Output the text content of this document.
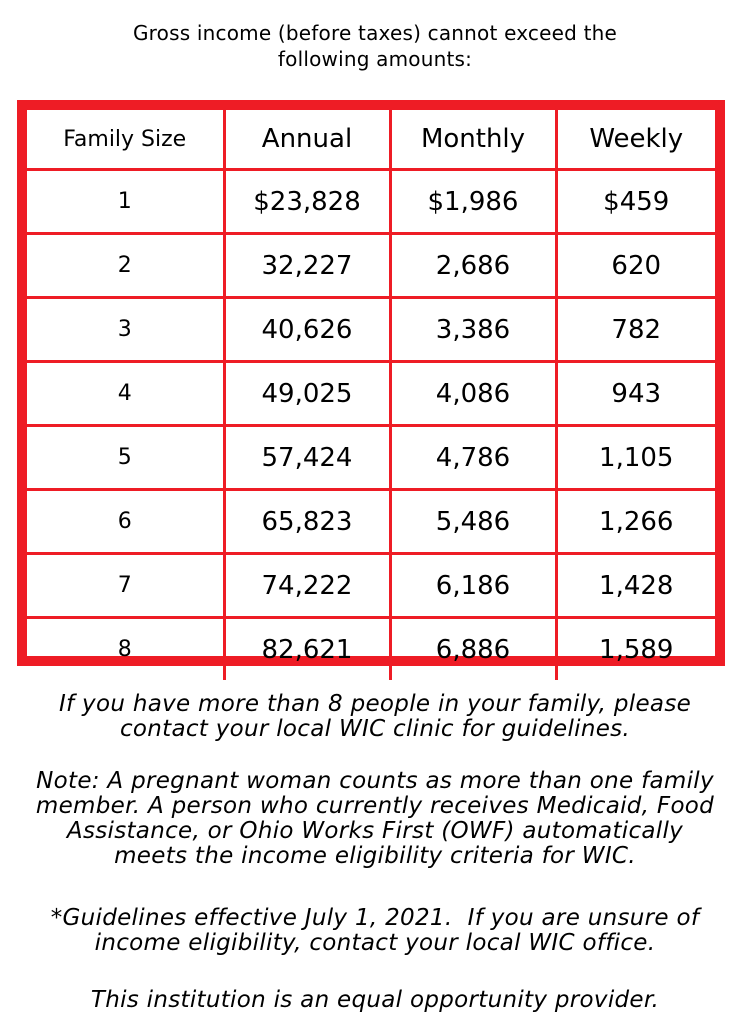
Gross income (before taxes) cannot exceed the
following amounts:
Family Size	Annual	Monthly	Weekly
1	$23,828	$1,986	$459
2	32,227	2,686	620
3	40,626	3,386	782
4	49,025	4,086	943
5	57,424	4,786	1,105
6	65,823	5,486	1,266
7	74,222	6,186	1,428
8	82,621	6,886	1,589
If you have more than 8 people in your family, please
contact your local WIC clinic for guidelines.
Note: A pregnant woman counts as more than one family
member. A person who currently receives Medicaid, Food
Assistance, or Ohio Works First (OWF) automatically
meets the income eligibility criteria for WIC.
*Guidelines effective July 1, 2021.  If you are unsure of
income eligibility, contact your local WIC office.
This institution is an equal opportunity provider.
